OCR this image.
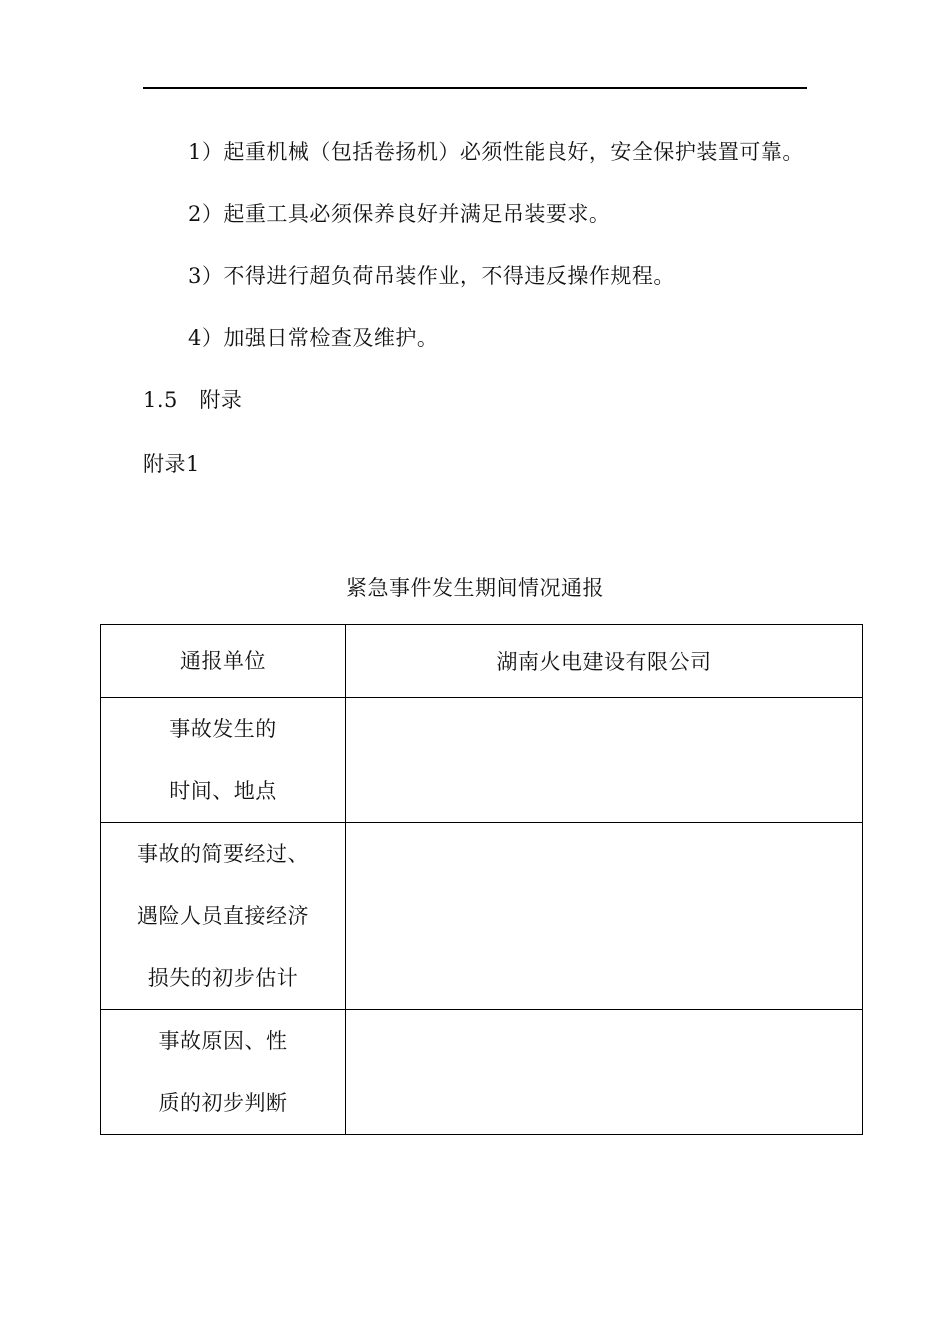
1）起重机械（包括卷扬机）必须性能良好，安全保护装置可靠。
2）起重工具必须保养良好并满足吊装要求。
3）不得进行超负荷吊装作业，不得违反操作规程。
4）加强日常检查及维护。
1.5　附录
附录1
紧急事件发生期间情况通报
通报单位	湖南火电建设有限公司

事故发生的
时间、地点	

事故的简要经过、
遇险人员直接经济
损失的初步估计	

事故原因、性
质的初步判断	
